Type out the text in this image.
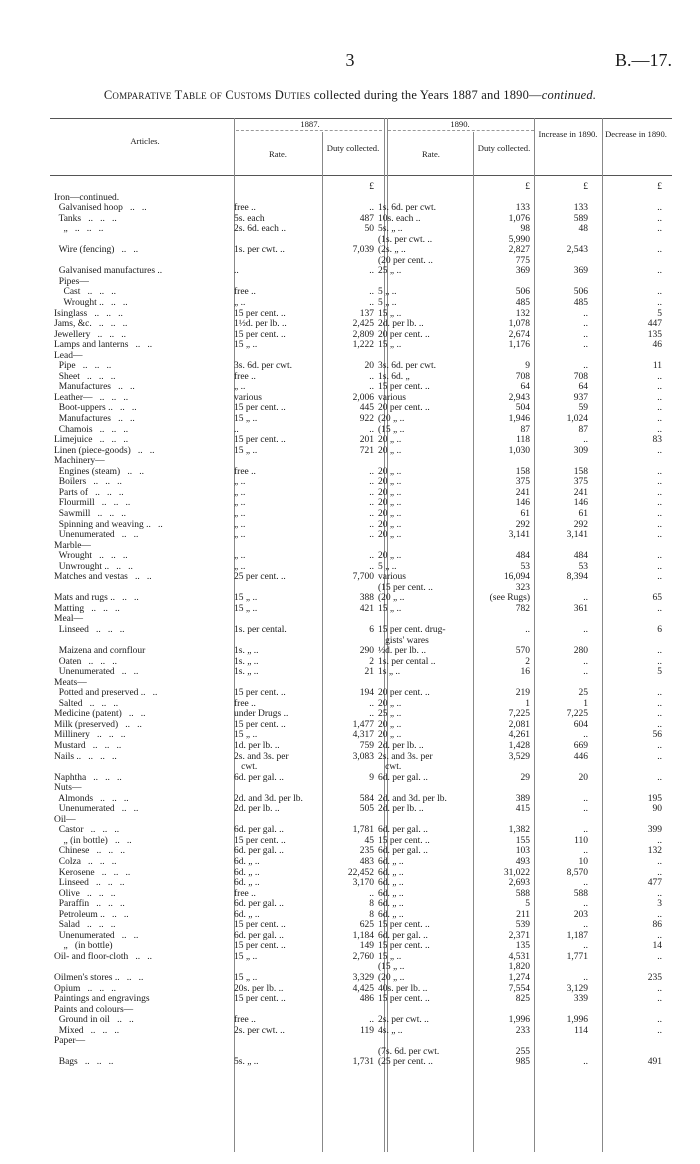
3	B.—17.
Comparative Table of Customs Duties collected during the Years 1887 and 1890—continued.
Articles.
1887.	1890.
Rate.
Duty collected.
Rate.
Duty collected.
Increase in 1890. Decrease in 1890.
		£		£	£	£
Iron—continued.						
Galvanised hoop   ..   ..	free ..	..	1s. 6d. per cwt.	133	133	..
Tanks   ..   ..   ..	5s. each	487	10s. each ..	1,076	589	..
„   ..   ..   ..	2s. 6d. each ..	50	5s. „ ..	98	48	..
			(1s. per cwt. ..	5,990		
Wire (fencing)   ..   ..	1s. per cwt. ..	7,039	(2s. „ ..	2,827	2,543	..
			(20 per cent. ..	775		
Galvanised manufactures ..	..	..	25 „ ..	369	369	..
Pipes—						
Cast   ..   ..   ..	free ..	..	5 „ ..	506	506	..
Wrought ..   ..   ..	„ ..	..	5 „ ..	485	485	..
Isinglass   ..   ..   ..	15 per cent. ..	137	15 „ ..	132	..	5
Jams, &c.   ..   ..   ..	1½d. per lb. ..	2,425	2d. per lb. ..	1,078	..	447
Jewellery   ..   ..   ..	15 per cent. ..	2,809	20 per cent. ..	2,674	..	135
Lamps and lanterns   ..   ..	15 „ ..	1,222	15 „ ..	1,176	..	46
Lead—						
Pipe   ..   ..   ..	3s. 6d. per cwt.	20	3s. 6d. per cwt.	9	..	11
Sheet   ..   ..   ..	free ..	..	1s. 6d. „	708	708	..
Manufactures   ..   ..	„ ..	..	15 per cent. ..	64	64	..
Leather—   ..   ..   ..	various	2,006	various	2,943	937	..
Boot-uppers ..   ..   ..	15 per cent. ..	445	20 per cent. ..	504	59	..
Manufactures   ..   ..	15 „ ..	922	(20 „ ..	1,946	1,024	..
Chamois   ..   ..   ..	..	..	(15 „ ..	87	87	..
Limejuice   ..   ..   ..	15 per cent. ..	201	20 „ ..	118	..	83
Linen (piece-goods)   ..   ..	15 „ ..	721	20 „ ..	1,030	309	..
Machinery—						
Engines (steam)   ..   ..	free ..	..	20 „ ..	158	158	..
Boilers   ..   ..   ..	„ ..	..	20 „ ..	375	375	..
Parts of   ..   ..   ..	„ ..	..	20 „ ..	241	241	..
Flourmill   ..   ..   ..	„ ..	..	20 „ ..	146	146	..
Sawmill   ..   ..   ..	„ ..	..	20 „ ..	61	61	..
Spinning and weaving ..   ..	„ ..	..	20 „ ..	292	292	..
Unenumerated   ..   ..	„ ..	..	20 „ ..	3,141	3,141	..
Marble—						
Wrought   ..   ..   ..	„ ..	..	20 „ ..	484	484	..
Unwrought ..   ..   ..	„ ..	..	5 „ ..	53	53	..
Matches and vestas   ..   ..	25 per cent. ..	7,700	various	16,094	8,394	..
			(15 per cent. ..	323		
Mats and rugs ..   ..   ..	15 „ ..	388	(20 „ ..	(see Rugs)	..	65
Matting   ..   ..   ..	15 „ ..	421	15 „ ..	782	361	..
Meal—						
Linseed   ..   ..   ..	1s. per cental.	6	15 per cent. drug-	..	..	6
			gists' wares			
Maizena and cornflour	1s. „ ..	290	½d. per lb. ..	570	280	..
Oaten   ..   ..   ..	1s. „ ..	2	1s. per cental ..	2	..	..
Unenumerated   ..   ..	1s. „ ..	21	1s „ ..	16	..	5
Meats—						
Potted and preserved ..   ..	15 per cent. ..	194	20 per cent. ..	219	25	..
Salted   ..   ..   ..	free ..	..	20 „ ..	1	1	..
Medicine (patent)   ..   ..	under Drugs ..	..	25 „ ..	7,225	7,225	..
Milk (preserved)   ..   ..	15 per cent. ..	1,477	20 „ ..	2,081	604	..
Millinery   ..   ..   ..	15 „ ..	4,317	20 „ ..	4,261	..	56
Mustard   ..   ..   ..	1d. per lb. ..	759	2d. per lb. ..	1,428	669	..
Nails ..   ..   ..   ..	2s. and 3s. per	3,083	2s. and 3s. per	3,529	446	..
	cwt.		cwt.			
Naphtha   ..   ..   ..	6d. per gal. ..	9	6d. per gal. ..	29	20	..
Nuts—						
Almonds   ..   ..   ..	2d. and 3d. per lb.	584	2d. and 3d. per lb.	389	..	195
Unenumerated   ..   ..	2d. per lb. ..	505	2d. per lb. ..	415	..	90
Oil—						
Castor   ..   ..   ..	6d. per gal. ..	1,781	6d. per gal. ..	1,382	..	399
„ (in bottle)   ..   ..	15 per cent. ..	45	15 per cent. ..	155	110	..
Chinese   ..   ..   ..	6d. per gal. ..	235	6d. per gal. ..	103	..	132
Colza   ..   ..   ..	6d. „ ..	483	6d. „ ..	493	10	..
Kerosene   ..   ..   ..	6d. „ ..	22,452	6d. „ ..	31,022	8,570	..
Linseed   ..   ..   ..	6d. „ ..	3,170	6d. „ ..	2,693	..	477
Olive   ..   ..   ..	free ..	..	6d. „ ..	588	588	..
Paraffin   ..   ..   ..	6d. per gal. ..	8	6d. „ ..	5	..	3
Petroleum ..   ..   ..	6d. „ ..	8	6d. „ ..	211	203	..
Salad   ..   ..   ..	15 per cent. ..	625	15 per cent. ..	539	..	86
Unenumerated   ..   ..	6d. per gal. ..	1,184	6d. per gal. ..	2,371	1,187	..
„   (in bottle)	15 per cent. ..	149	15 per cent. ..	135	..	14
Oil- and floor-cloth   ..   ..	15 „ ..	2,760	15 „ ..	4,531	1,771	..
			(15 „ ..	1,820		
Oilmen's stores ..   ..   ..	15 „ ..	3,329	(20 „ ..	1,274	..	235
Opium   ..   ..   ..	20s. per lb. ..	4,425	40s. per lb. ..	7,554	3,129	..
Paintings and engravings	15 per cent. ..	486	15 per cent. ..	825	339	..
Paints and colours—						
Ground in oil   ..   ..	free ..	..	2s. per cwt. ..	1,996	1,996	..
Mixed   ..   ..   ..	2s. per cwt. ..	119	4s. „ ..	233	114	..
Paper—						
			(7s. 6d. per cwt.	255		
Bags   ..   ..   ..	5s. „ ..	1,731	(25 per cent. ..	985	..	491
